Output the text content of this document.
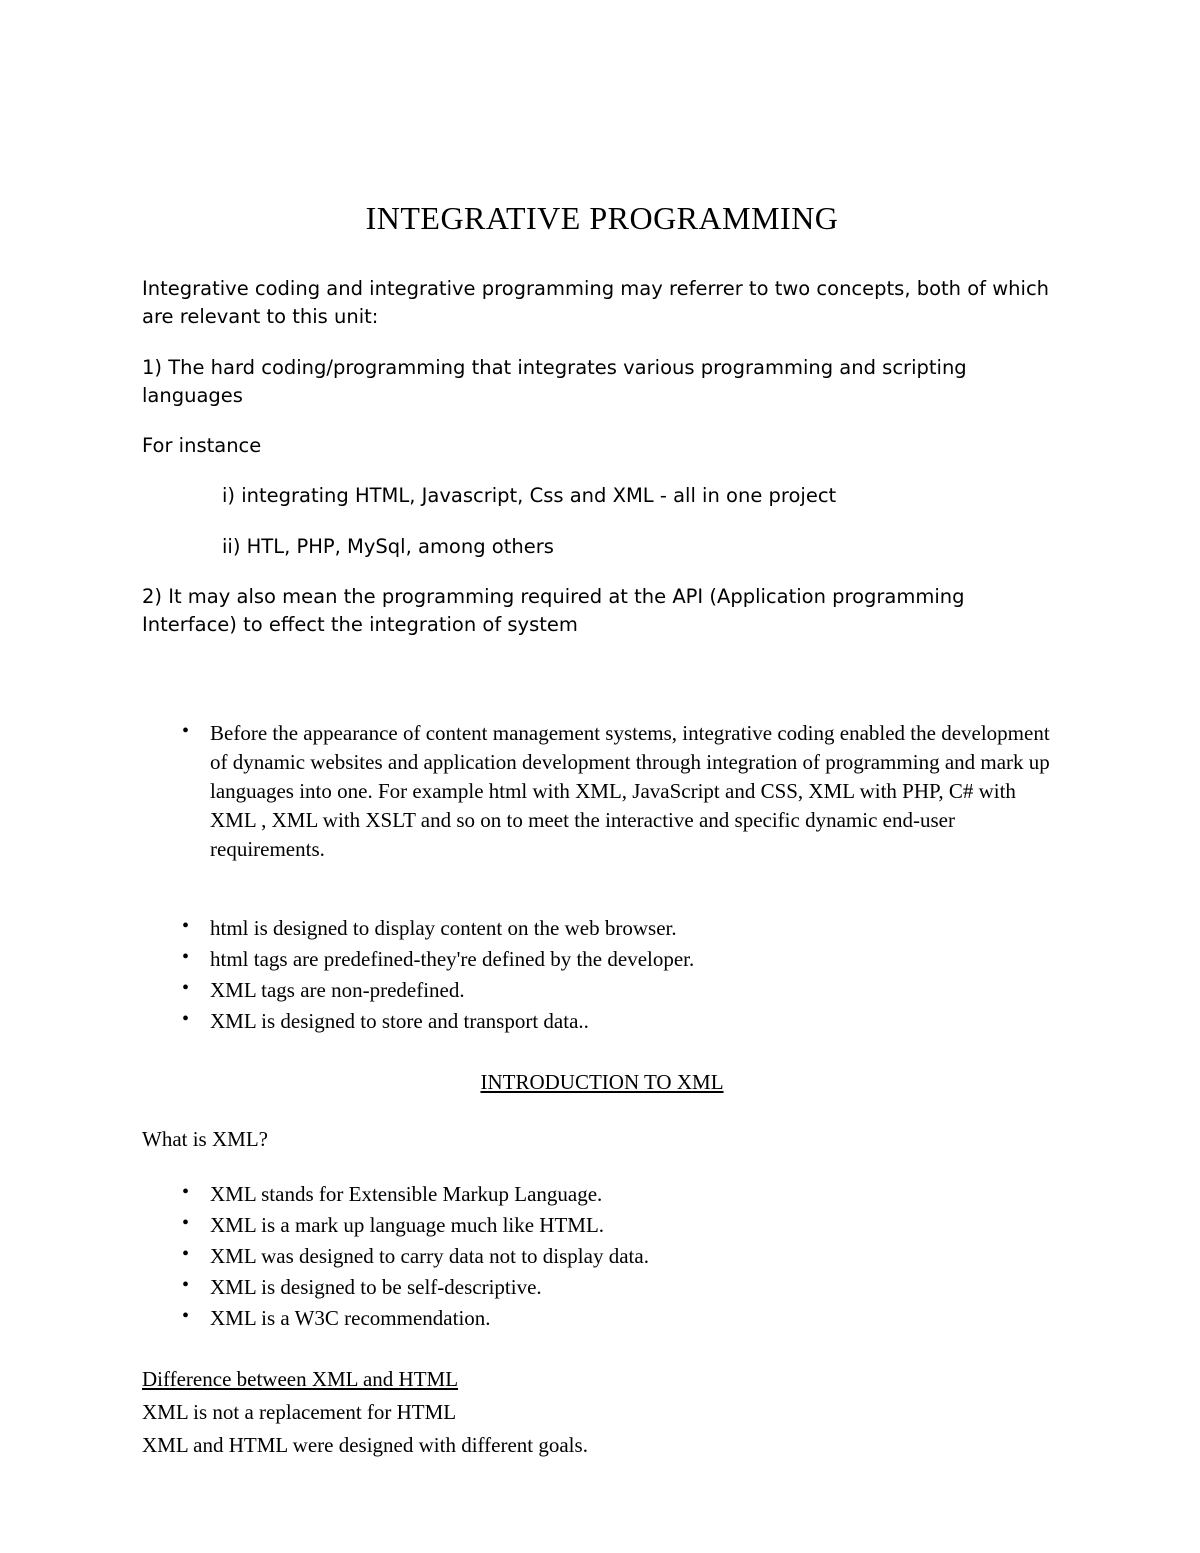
INTEGRATIVE PROGRAMMING

Integrative coding and integrative programming may referrer to two concepts, both of which are relevant to this unit:

1) The hard coding/programming that integrates various programming and scripting languages

For instance

i) integrating HTML, Javascript, Css and XML - all in one project
ii) HTL, PHP, MySql, among others

2) It may also mean the programming required at the API (Application programming Interface) to effect the integration of system

• Before the appearance of content management systems, integrative coding enabled the development of dynamic websites and application development through integration of programming and mark up languages into one. For example html with XML, JavaScript and CSS, XML with PHP, C# with XML , XML with XSLT and so on to meet the interactive and specific dynamic end-user requirements.
• html is designed to display content on the web browser.
• html tags are predefined-they're defined by the developer.
• XML tags are non-predefined.
• XML is designed to store and transport data..
INTRODUCTION TO XML

What is XML?

• XML stands for Extensible Markup Language.
• XML is a mark up language much like HTML.
• XML was designed to carry data not to display data.
• XML is designed to be self-descriptive.
• XML is a W3C recommendation.

Difference between XML and HTML

XML is not a replacement for HTML

XML and HTML were designed with different goals.
